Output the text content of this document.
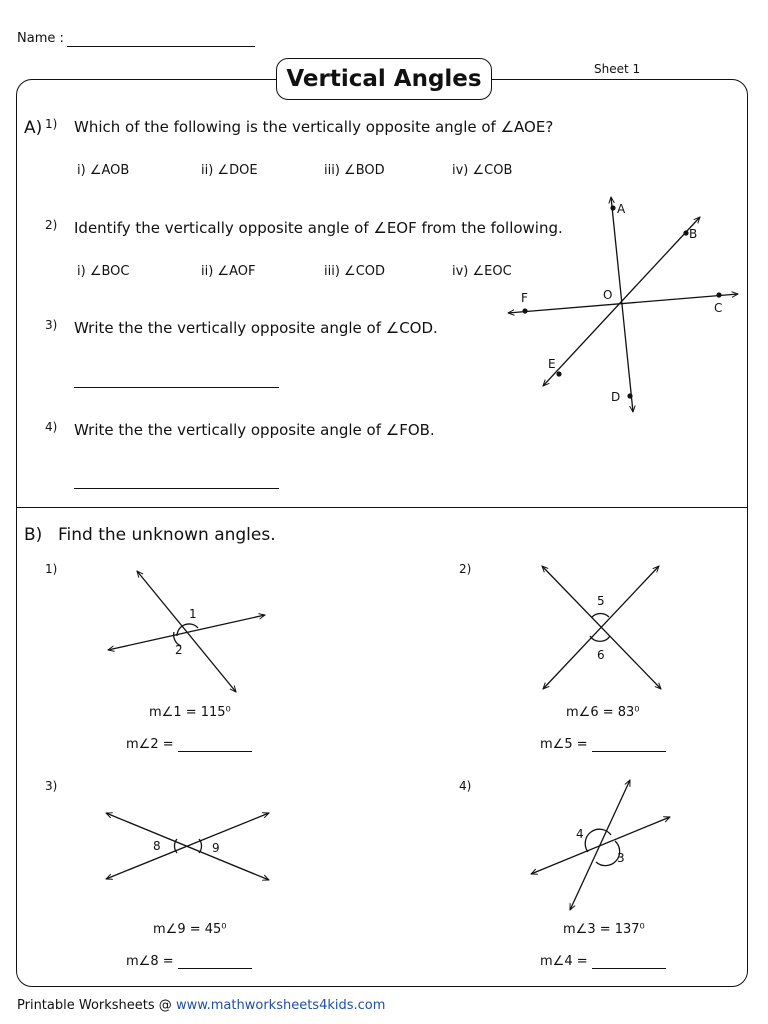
Name :
Sheet 1
Vertical Angles
A) 1) Which of the following is the vertically opposite angle of ∠AOE?
i) ∠AOB	ii) ∠DOE	iii) ∠BOD	iv) ∠COB
2) Identify the vertically opposite angle of ∠EOF from the following.
i) ∠BOC	ii) ∠AOF	iii) ∠COD	iv) ∠EOC
3) Write the the vertically opposite angle of ∠COD.
4) Write the the vertically opposite angle of ∠FOB.
A
B
C
D
E
F	O
B) Find the unknown angles.
1)
1
2
m∠1 = 115⁰
m∠2 =
2)
5
6
m∠6 = 83⁰
m∠5 =
3)
8	9
m∠9 = 45⁰
m∠8 =
4)
4
3
m∠3 = 137⁰
m∠4 =
Printable Worksheets @ www.mathworksheets4kids.com
